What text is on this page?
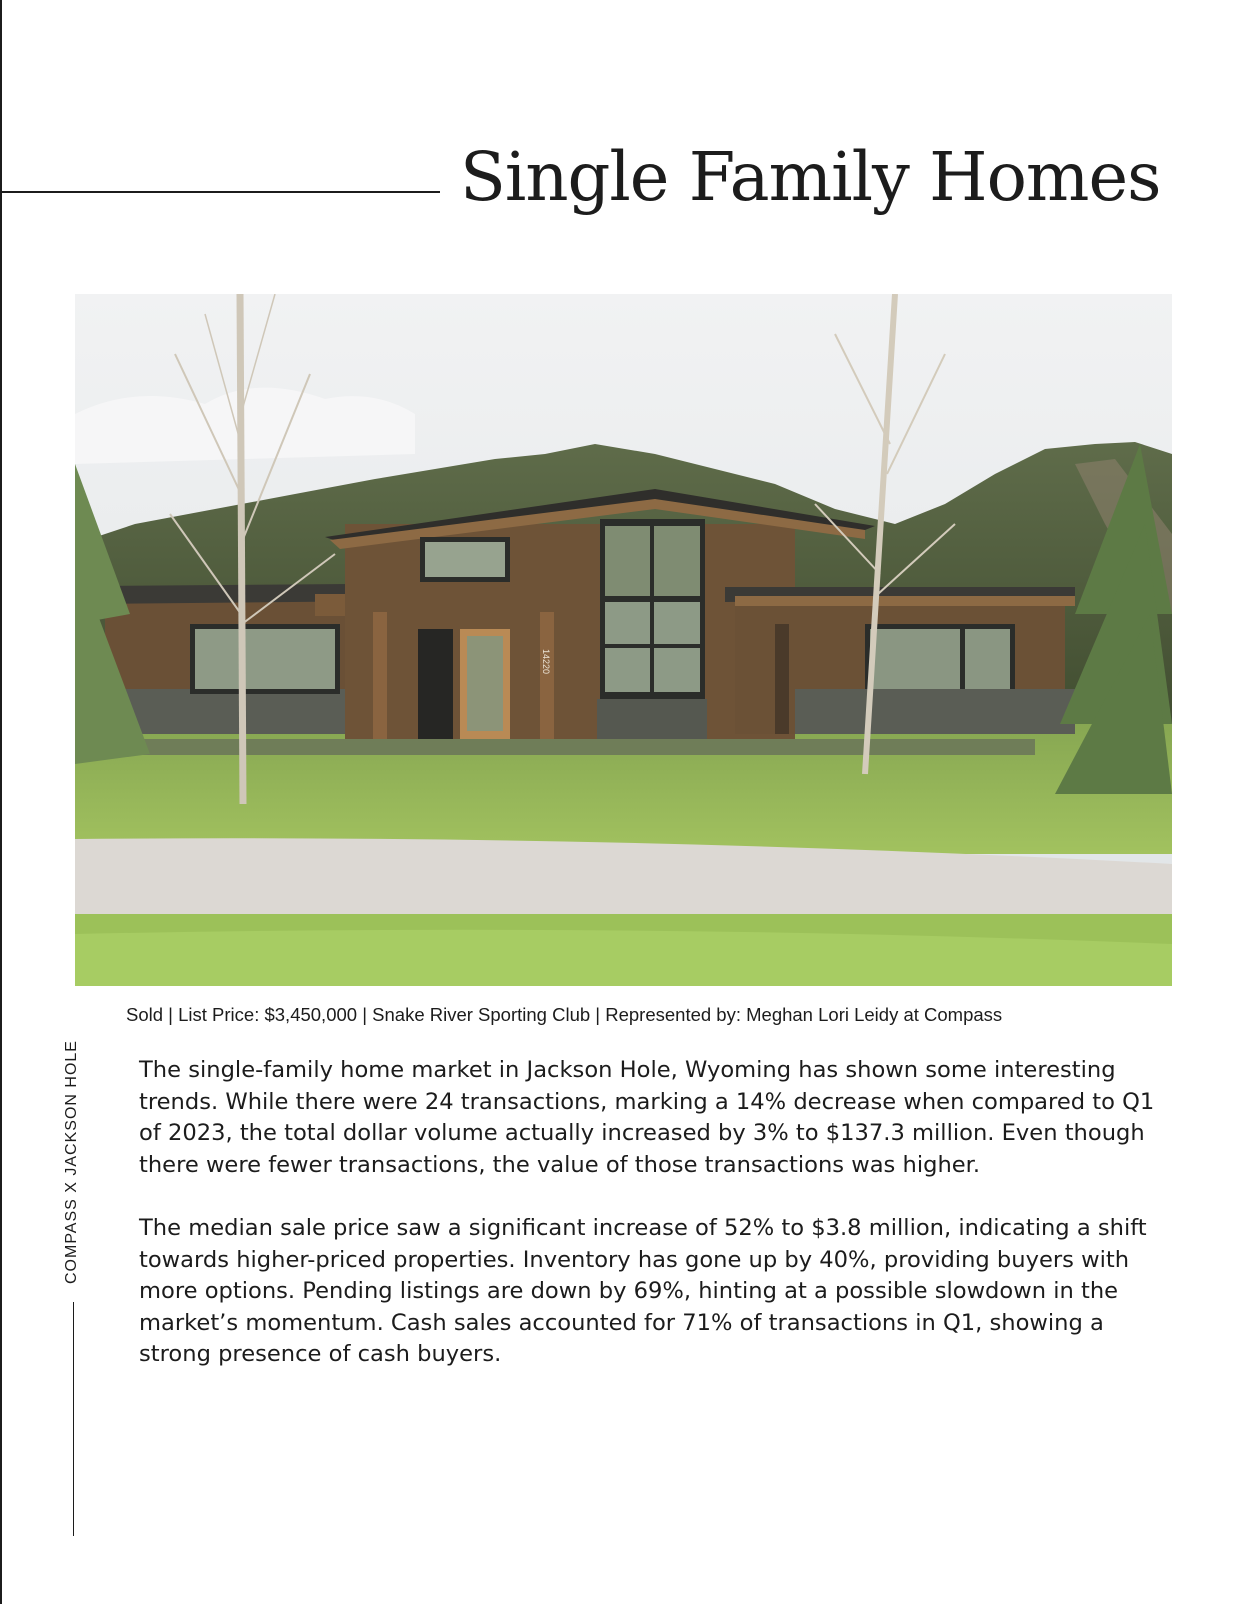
Single Family Homes
14220

Sold | List Price: $3,450,000 | Snake River Sporting Club | Represented by: Meghan Lori Leidy at Compass

COMPASS X JACKSON HOLE	The single-family home market in Jackson Hole, Wyoming has shown some interesting trends. While there were 24 transactions, marking a 14% decrease when compared to Q1 of 2023, the total dollar volume actually increased by 3% to $137.3 million. Even though there were fewer transactions, the value of those transactions was higher.

The median sale price saw a significant increase of 52% to $3.8 million, indicating a shift towards higher-priced properties. Inventory has gone up by 40%, providing buyers with more options. Pending listings are down by 69%, hinting at a possible slowdown in the market’s momentum. Cash sales accounted for 71% of transactions in Q1, showing a strong presence of cash buyers.
